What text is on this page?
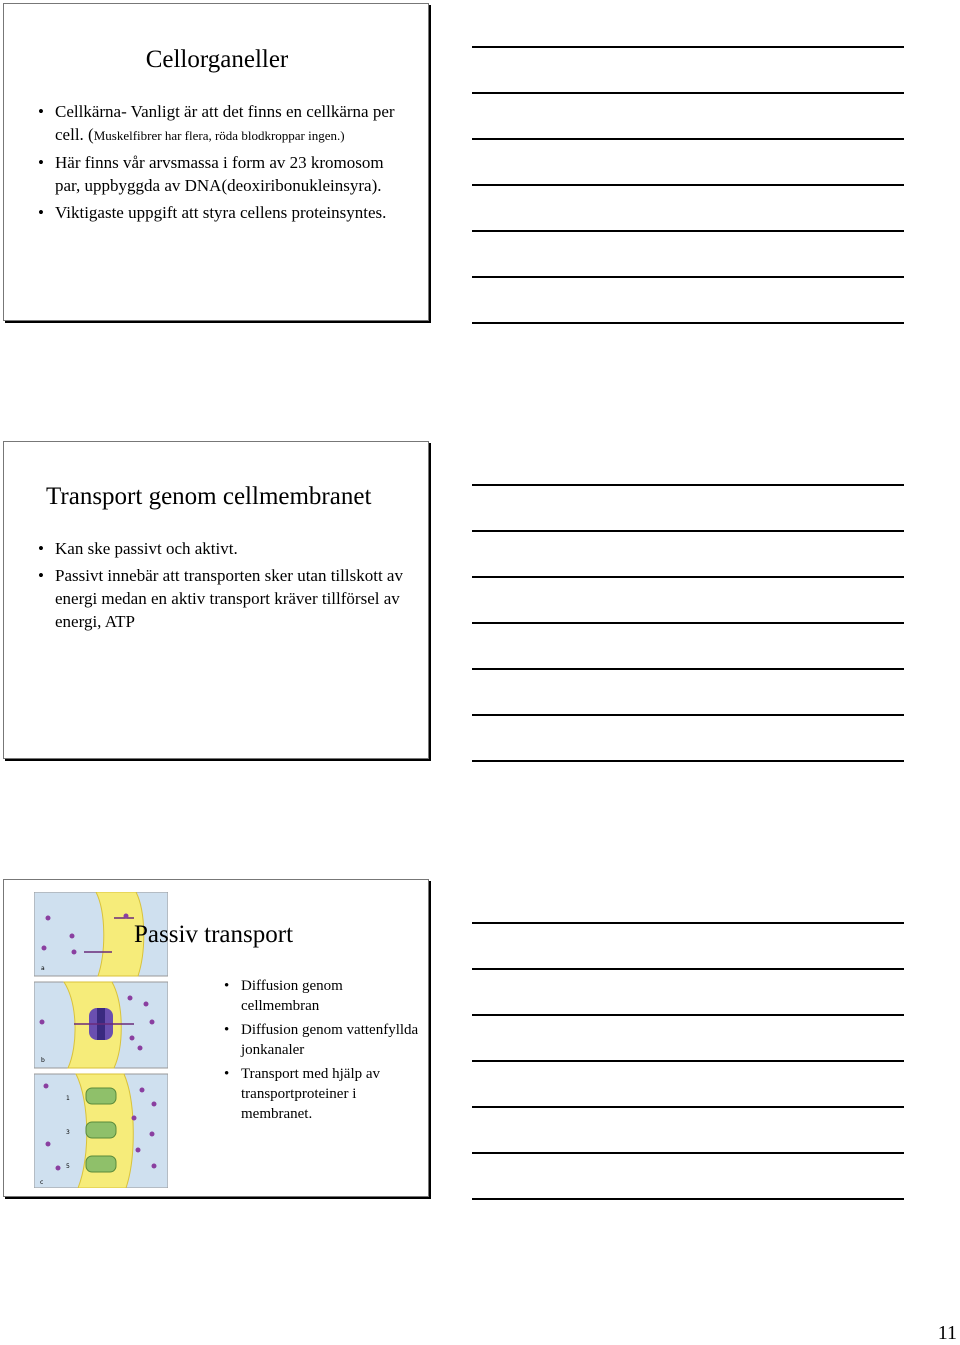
Cellorganeller
• Cellkärna- Vanligt är att det finns en cellkärna per cell. (Muskelfibrer har flera, röda blodkroppar ingen.)
• Här finns vår arvsmassa i form av 23 kromosom par, uppbyggda av DNA(deoxiribonukleinsyra).
• Viktigaste uppgift att styra cellens proteinsyntes.
Transport genom cellmembranet
• Kan ske passivt och aktivt.
• Passivt innebär att transporten sker utan tillskott av energi medan en aktiv transport kräver tillförsel av energi, ATP
a
b
1
3
5
c
Passiv transport
• Diffusion genom cellmembran
• Diffusion genom vattenfyllda jonkanaler
• Transport med hjälp av transportproteiner i membranet.
11
